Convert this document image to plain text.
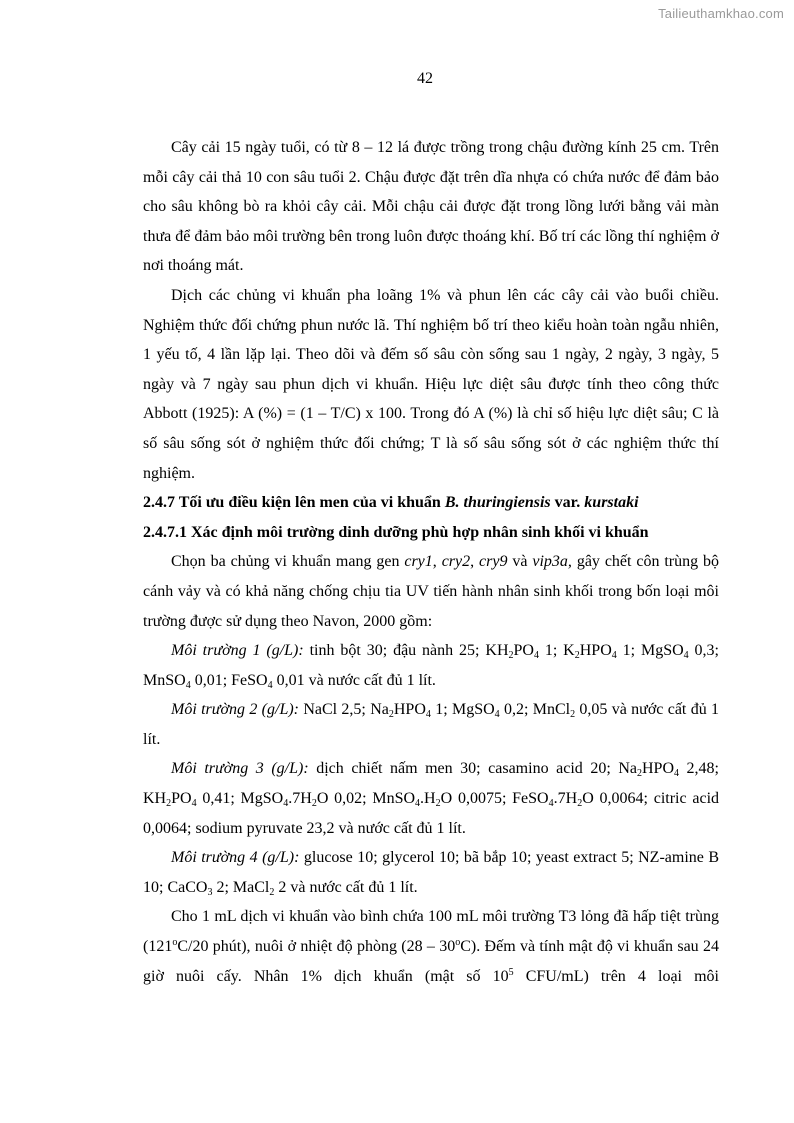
Tailieuthamkhao.com
42

Cây cải 15 ngày tuổi, có từ 8 – 12 lá được trồng trong chậu đường kính 25 cm. Trên mỗi cây cải thả 10 con sâu tuổi 2. Chậu được đặt trên dĩa nhựa có chứa nước để đảm bảo cho sâu không bò ra khỏi cây cải. Mỗi chậu cải được đặt trong lồng lưới bằng vải màn thưa để đảm bảo môi trường bên trong luôn được thoáng khí. Bố trí các lồng thí nghiệm ở nơi thoáng mát.

Dịch các chủng vi khuẩn pha loãng 1% và phun lên các cây cải vào buổi chiều. Nghiệm thức đối chứng phun nước lã. Thí nghiệm bố trí theo kiểu hoàn toàn ngẫu nhiên, 1 yếu tố, 4 lần lặp lại. Theo dõi và đếm số sâu còn sống sau 1 ngày, 2 ngày, 3 ngày, 5 ngày và 7 ngày sau phun dịch vi khuẩn. Hiệu lực diệt sâu được tính theo công thức Abbott (1925): A (%) = (1 – T/C) x 100. Trong đó A (%) là chỉ số hiệu lực diệt sâu; C là số sâu sống sót ở nghiệm thức đối chứng; T là số sâu sống sót ở các nghiệm thức thí nghiệm.

2.4.7 Tối ưu điều kiện lên men của vi khuẩn B. thuringiensis var. kurstaki

2.4.7.1 Xác định môi trường dinh dưỡng phù hợp nhân sinh khối vi khuẩn

Chọn ba chủng vi khuẩn mang gen cry1, cry2, cry9 và vip3a, gây chết côn trùng bộ cánh vảy và có khả năng chống chịu tia UV tiến hành nhân sinh khối trong bốn loại môi trường được sử dụng theo Navon, 2000 gồm:

Môi trường 1 (g/L): tinh bột 30; đậu nành 25; $KH_2PO_4$ 1; $K_2HPO_4$ 1; MgSO$_4$ 0,3; MnSO$_4$ 0,01; FeSO$_4$ 0,01 và nước cất đủ 1 lít.

Môi trường 2 (g/L): NaCl 2,5; $Na_2HPO_4$ 1; MgSO$_4$ 0,2; MnCl$_2$ 0,05 và nước cất đủ 1 lít.

Môi trường 3 (g/L): dịch chiết nấm men 30; casamino acid 20; $Na_2HPO_4$ 2,48; $KH_2PO_4$ 0,41; $MgSO_4.7H_2O$ 0,02; $MnSO_4.H_2O$ 0,0075; $FeSO_4.7H_2O$ 0,0064; citric acid 0,0064; sodium pyruvate 23,2 và nước cất đủ 1 lít.

Môi trường 4 (g/L): glucose 10; glycerol 10; bã bắp 10; yeast extract 5; NZ-amine B 10; CaCO$_3$ 2; MaCl$_2$ 2 và nước cất đủ 1 lít.

Cho 1 mL dịch vi khuẩn vào bình chứa 100 mL môi trường T3 lỏng đã hấp tiệt trùng (121$^o$C/20 phút), nuôi ở nhiệt độ phòng (28 – 30$^o$C). Đếm và tính mật độ vi khuẩn sau 24 giờ nuôi cấy. Nhân 1% dịch khuẩn (mật số $10^5$ CFU/mL) trên 4 loại môi
